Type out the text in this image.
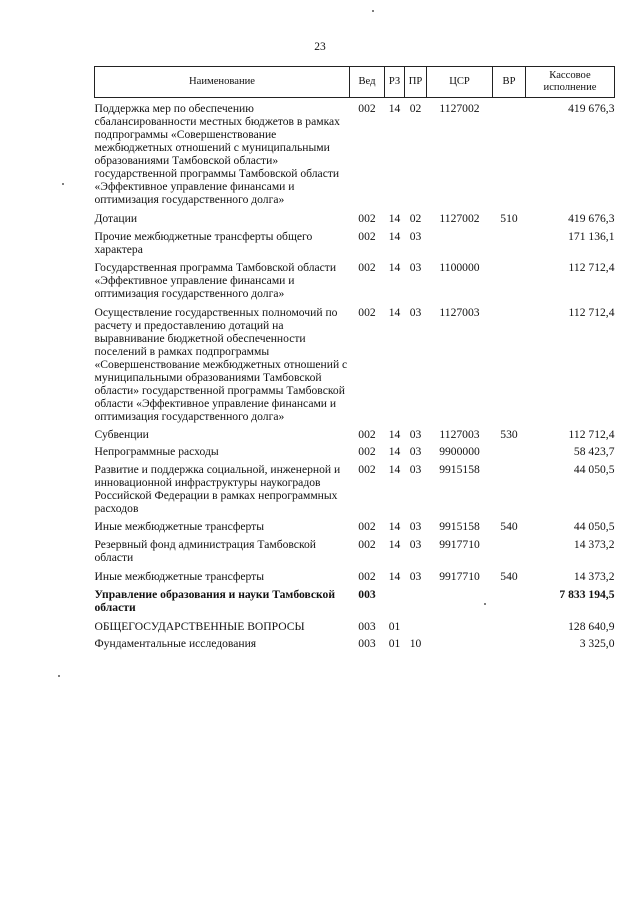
23
Наименование	Вед	РЗ	ПР	ЦСР	ВР	Кассовое исполнение
Поддержка мер по обеспечению сбалансированности местных бюджетов в рамках подпрограммы «Совершенствование межбюджетных отношений с муниципальными образованиями Тамбовской области» государственной программы Тамбовской области «Эффективное управление финансами и оптимизация государственного долга»	002	14	02	1127002		419 676,3
Дотации	002	14	02	1127002	510	419 676,3
Прочие межбюджетные трансферты общего характера	002	14	03			171 136,1
Государственная программа Тамбовской области «Эффективное управление финансами и оптимизация государственного долга»	002	14	03	1100000		112 712,4
Осуществление государственных полномочий по расчету и предоставлению дотаций на выравнивание бюджетной обеспеченности поселений в рамках подпрограммы «Совершенствование межбюджетных отношений с муниципальными образованиями Тамбовской области» государственной программы Тамбовской области «Эффективное управление финансами и оптимизация государственного долга»	002	14	03	1127003		112 712,4
Субвенции	002	14	03	1127003	530	112 712,4
Непрограммные расходы	002	14	03	9900000		58 423,7
Развитие и поддержка социальной, инженерной и инновационной инфраструктуры наукоградов Российской Федерации в рамках непрограммных расходов	002	14	03	9915158		44 050,5
Иные межбюджетные трансферты	002	14	03	9915158	540	44 050,5
Резервный фонд администрация Тамбовской области	002	14	03	9917710		14 373,2
Иные межбюджетные трансферты	002	14	03	9917710	540	14 373,2
Управление образования и науки Тамбовской области	003					7 833 194,5
ОБЩЕГОСУДАРСТВЕННЫЕ ВОПРОСЫ	003	01				128 640,9
Фундаментальные исследования	003	01	10			3 325,0
